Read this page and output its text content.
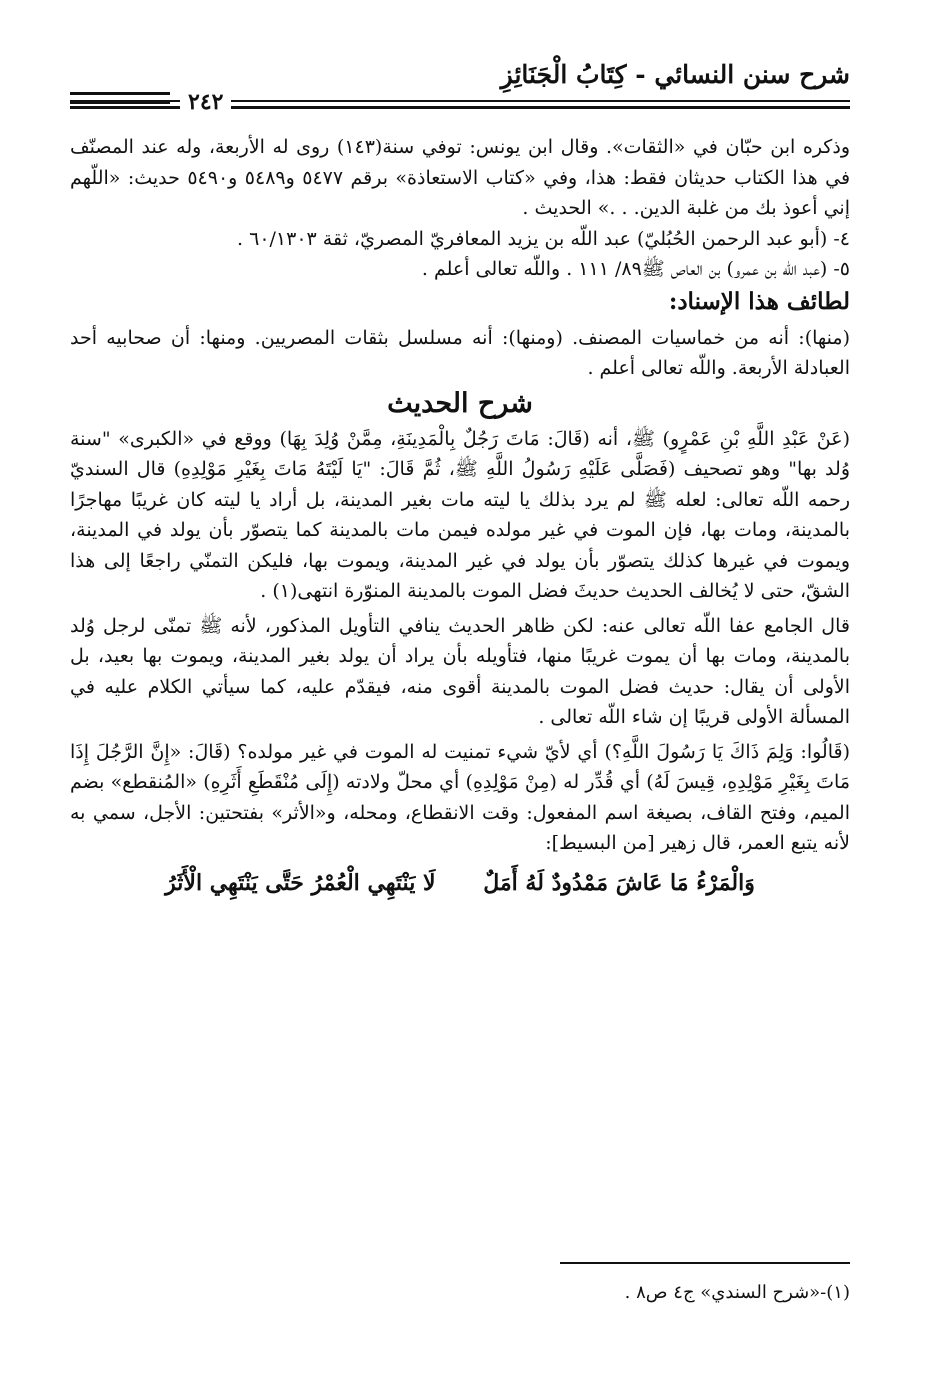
شرح سنن النسائي - كِتَابُ الْجَنَائِزِ
٢٤٢

وذكره ابن حبّان في «الثقات». وقال ابن يونس: توفي سنة(١٤٣) روى له الأربعة، وله عند المصنّف في هذا الكتاب حديثان فقط: هذا، وفي «كتاب الاستعاذة» برقم ٥٤٧٧ و٥٤٨٩ و٥٤٩٠ حديث: «اللّهم إني أعوذ بك من غلبة الدين. . .» الحديث .

٤- (أبو عبد الرحمن الحُبُليّ) عبد اللّه بن يزيد المعافريّ المصريّ، ثقة ٦٠/١٣٠٣ .

٥- (عبد اللّه بن عمرو) بن العاص ﷺ٨٩/ ١١١ . واللّه تعالى أعلم .

لطائف هذا الإسناد:

(منها): أنه من خماسيات المصنف. (ومنها): أنه مسلسل بثقات المصريين. ومنها: أن صحابيه أحد العبادلة الأربعة. واللّه تعالى أعلم .

شرح الحديث

(عَنْ عَبْدِ اللَّهِ بْنِ عَمْرٍو) ﷺ، أنه (قَالَ: مَاتَ رَجُلٌ بِالْمَدِينَةِ، مِمَّنْ وُلِدَ بِهَا) ووقع في «الكبرى» "سنة وُلد بها" وهو تصحيف (فَصَلَّى عَلَيْهِ رَسُولُ اللَّهِ ﷺ، ثُمَّ قَالَ: "يَا لَيْتَهُ مَاتَ بِغَيْرِ مَوْلِدِهِ) قال السنديّ رحمه اللّه تعالى: لعله ﷺ لم يرد بذلك يا ليته مات بغير المدينة، بل أراد يا ليته كان غريبًا مهاجرًا بالمدينة، ومات بها، فإن الموت في غير مولده فيمن مات بالمدينة كما يتصوّر بأن يولد في المدينة، ويموت في غيرها كذلك يتصوّر بأن يولد في غير المدينة، ويموت بها، فليكن التمنّي راجعًا إلى هذا الشقّ، حتى لا يُخالف الحديث حديثَ فضل الموت بالمدينة المنوّرة انتهى(١) .

قال الجامع عفا اللّه تعالى عنه: لكن ظاهر الحديث ينافي التأويل المذكور، لأنه ﷺ تمنّى لرجل وُلد بالمدينة، ومات بها أن يموت غريبًا منها، فتأويله بأن يراد أن يولد بغير المدينة، ويموت بها بعيد، بل الأولى أن يقال: حديث فضل الموت بالمدينة أقوى منه، فيقدّم عليه، كما سيأتي الكلام عليه في المسألة الأولى قريبًا إن شاء اللّه تعالى .

(قَالُوا: وَلِمَ ذَاكَ يَا رَسُولَ اللَّهِ؟) أي لأيّ شيء تمنيت له الموت في غير مولده؟ (قَالَ: «إِنَّ الرَّجُلَ إِذَا مَاتَ بِغَيْرِ مَوْلِدِهِ، قِيسَ لَهُ) أي قُدِّر له (مِنْ مَوْلِدِهِ) أي محلّ ولادته (إِلَى مُنْقَطَعِ أَثَرِهِ) «المُنقطع» بضم الميم، وفتح القاف، بصيغة اسم المفعول: وقت الانقطاع، ومحله، و«الأثر» بفتحتين: الأجل، سمي به لأنه يتبع العمر، قال زهير [من البسيط]:

وَالْمَرْءُ مَا عَاشَ مَمْدُودٌ لَهُ أَمَلٌ لَا يَنْتَهِي الْعُمْرُ حَتَّى يَنْتَهِي الْأَثَرُ

(١)-«شرح السندي» ج٤ ص٨ .
